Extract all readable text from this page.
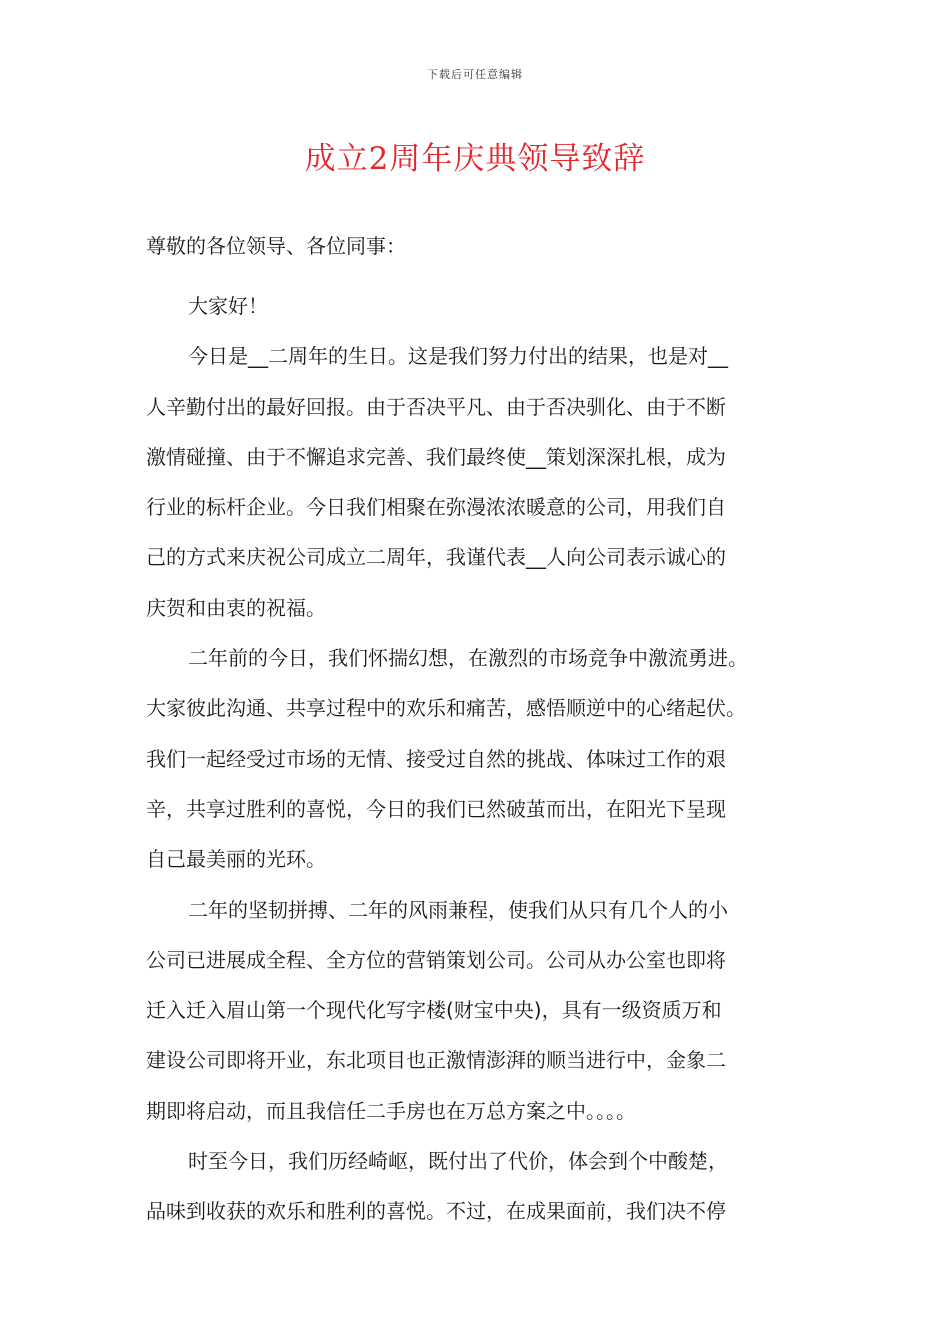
下载后可任意编辑
成立2周年庆典领导致辞
尊敬的各位领导、各位同事：
大家好！
今日是__二周年的生日。这是我们努力付出的结果，也是对__
人辛勤付出的最好回报。由于否决平凡、由于否决驯化、由于不断
激情碰撞、由于不懈追求完善、我们最终使__策划深深扎根，成为
行业的标杆企业。今日我们相聚在弥漫浓浓暖意的公司，用我们自
己的方式来庆祝公司成立二周年，我谨代表__人向公司表示诚心的
庆贺和由衷的祝福。
二年前的今日，我们怀揣幻想，在激烈的市场竞争中激流勇进。
大家彼此沟通、共享过程中的欢乐和痛苦，感悟顺逆中的心绪起伏。
我们一起经受过市场的无情、接受过自然的挑战、体味过工作的艰
辛，共享过胜利的喜悦，今日的我们已然破茧而出，在阳光下呈现
自己最美丽的光环。
二年的坚韧拼搏、二年的风雨兼程，使我们从只有几个人的小
公司已进展成全程、全方位的营销策划公司。公司从办公室也即将
迁入迁入眉山第一个现代化写字楼(财宝中央)，具有一级资质万和
建设公司即将开业，东北项目也正激情澎湃的顺当进行中，金象二
期即将启动，而且我信任二手房也在万总方案之中。。。。
时至今日，我们历经崎岖，既付出了代价，体会到个中酸楚，
品味到收获的欢乐和胜利的喜悦。不过，在成果面前，我们决不停
